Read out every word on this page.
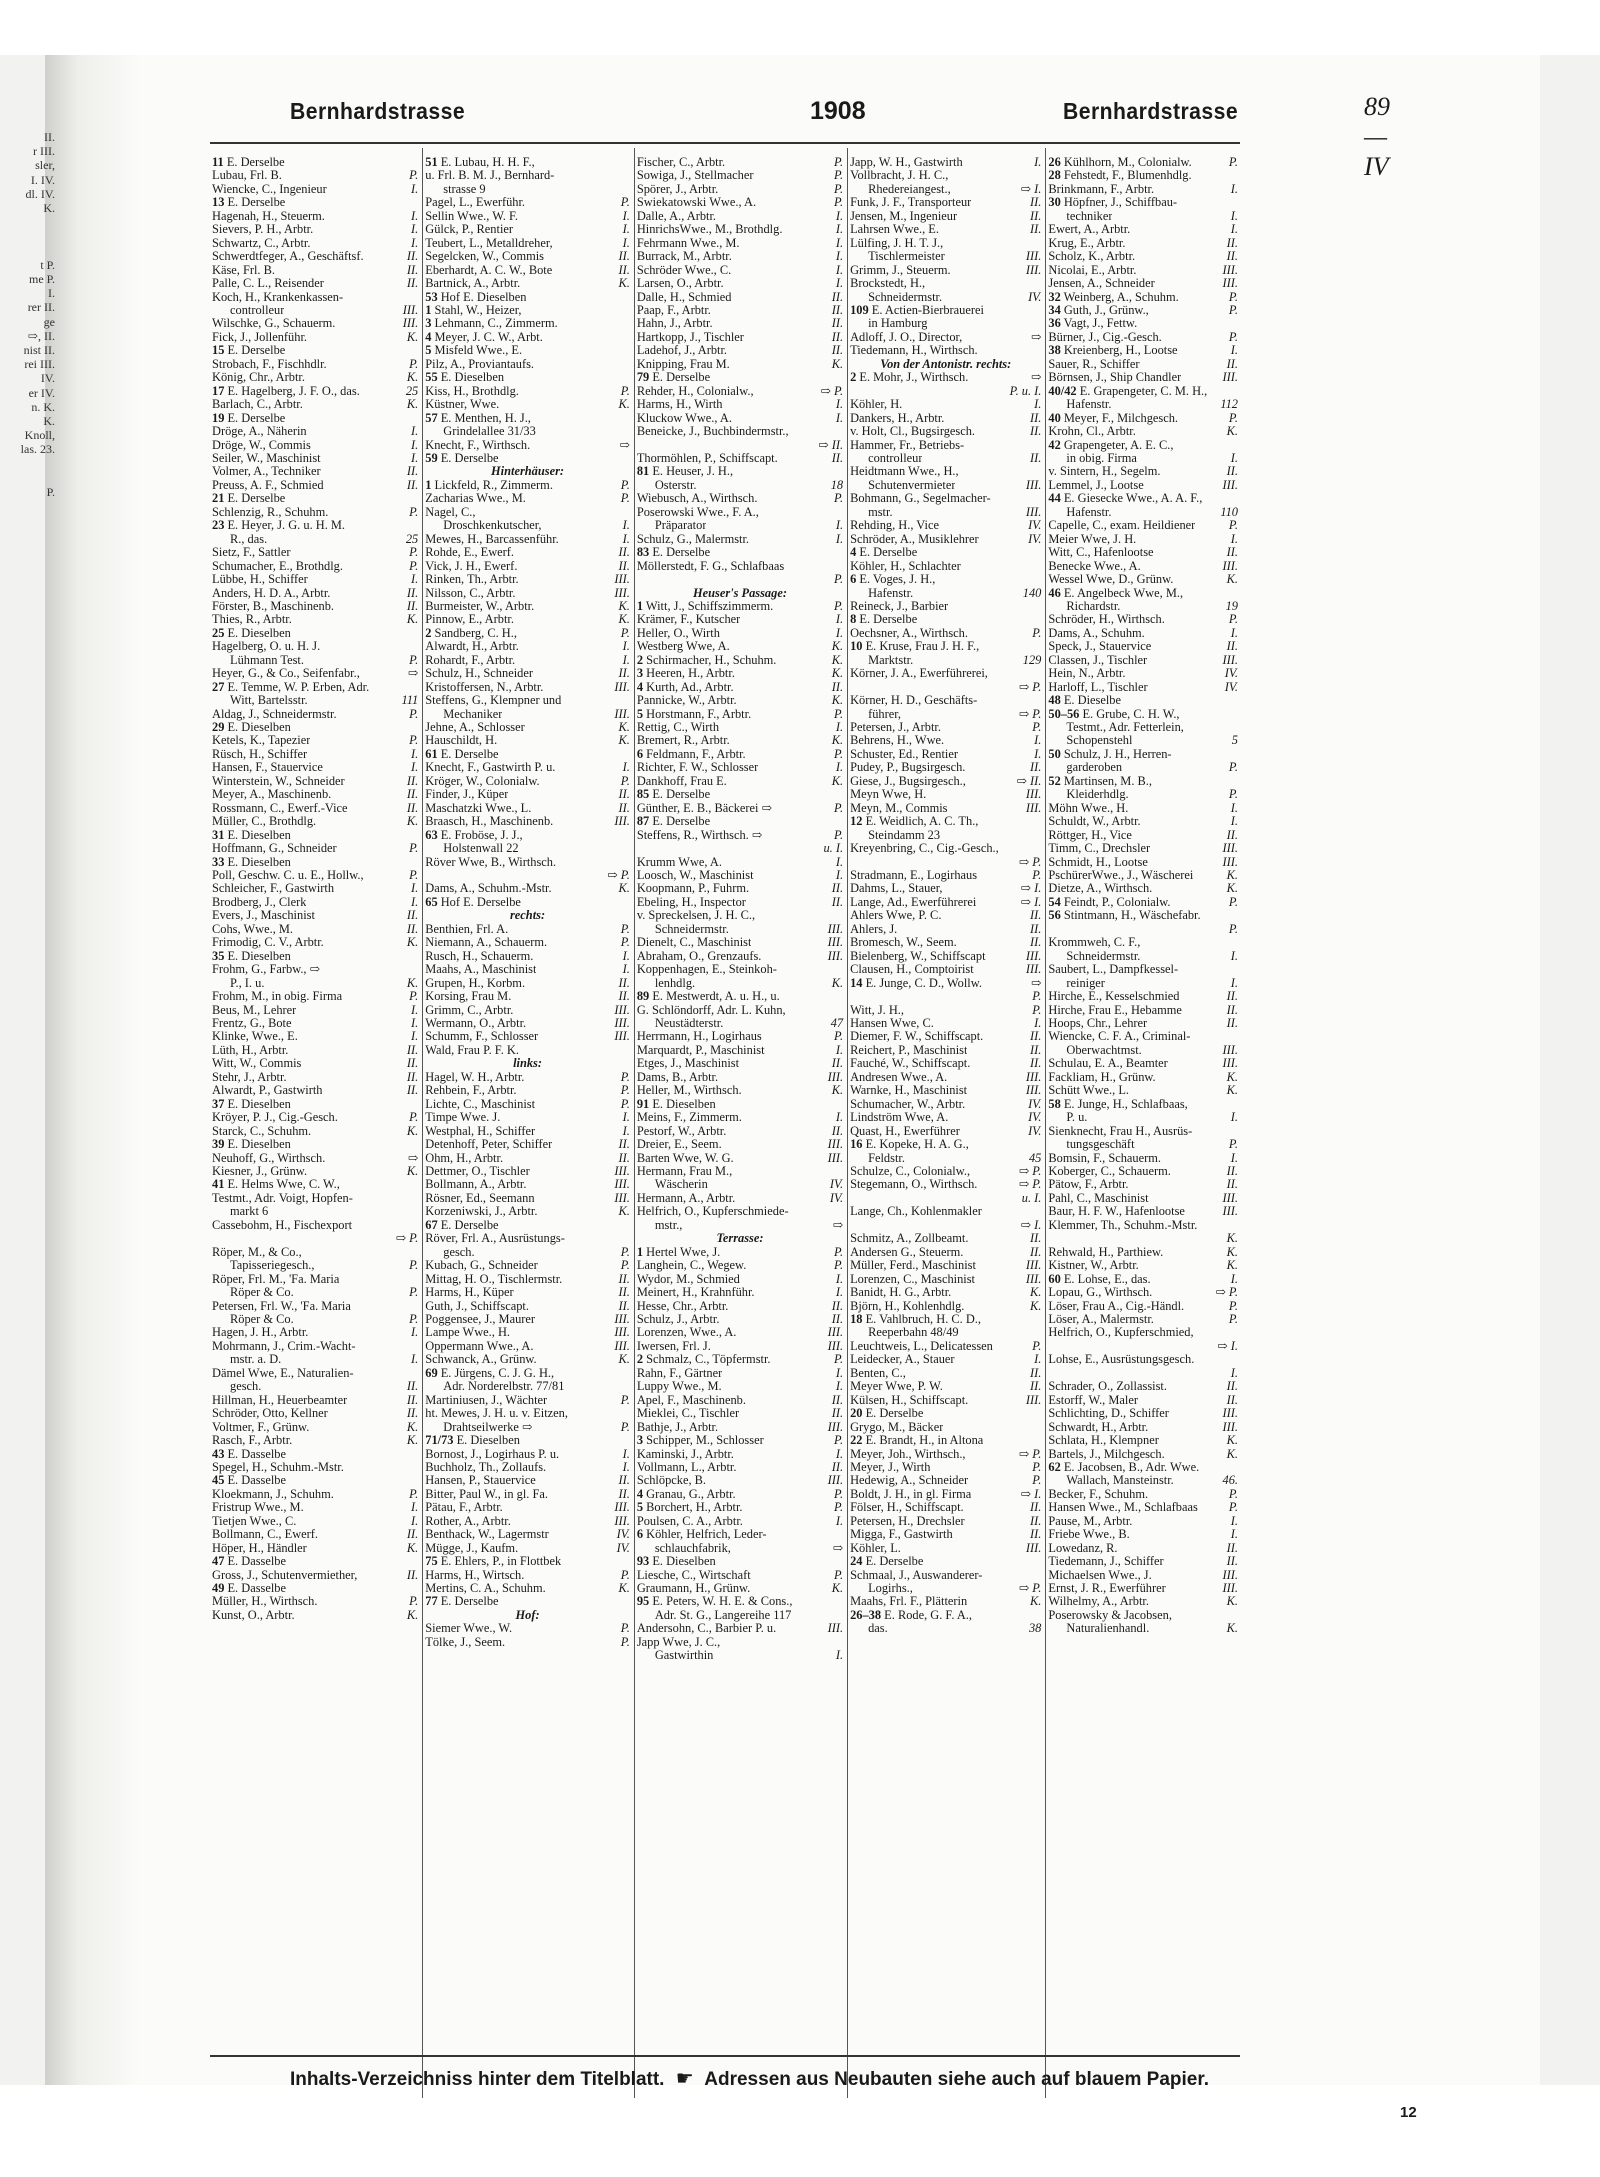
II.
r III.
sler,
I. IV.
dl. IV.
K.

t P.
me P.
I.
rer II.
ge
⇨, II.
nist II.
rei III.
IV.
er IV.
n. K.
K.
Knoll,
las. 23.

P.
Bernhardstrasse	1908	Bernhardstrasse	89—IV
11 E. Derselbe
Lubau, Frl. B.	P.
Wiencke, C., Ingenieur	I.
13 E. Derselbe
Hagenah, H., Steuerm.	I.
Sievers, P. H., Arbtr.	I.
Schwartz, C., Arbtr.	I.
Schwerdtfeger, A., Geschäftsf.	II.
Käse, Frl. B.	II.
Palle, C. L., Reisender	II.
Koch, H., Krankenkassen-
controlleur	III.
Wilschke, G., Schauerm.	III.
Fick, J., Jollenführ.	K.
15 E. Derselbe
Strobach, F., Fischhdlr.	P.
König, Chr., Arbtr.	K.
17 E. Hagelberg, J. F. O., das.	25
Barlach, C., Arbtr.	K.
19 E. Derselbe
Dröge, A., Näherin	I.
Dröge, W., Commis	I.
Seiler, W., Maschinist	I.
Volmer, A., Techniker	II.
Preuss, A. F., Schmied	II.
21 E. Derselbe
Schlenzig, R., Schuhm.	P.
23 E. Heyer, J. G. u. H. M.
R., das.	25
Sietz, F., Sattler	P.
Schumacher, E., Brothdlg.	P.
Lübbe, H., Schiffer	I.
Anders, H. D. A., Arbtr.	II.
Förster, B., Maschinenb.	II.
Thies, R., Arbtr.	K.
25 E. Dieselben
Hagelberg, O. u. H. J.
Lühmann Test.	P.
Heyer, G., & Co., Seifenfabr.,	⇨
27 E. Temme, W. P. Erben, Adr.
Witt, Bartelsstr.	111
Aldag, J., Schneidermstr.	P.
29 E. Dieselben
Ketels, K., Tapezier	P.
Rüsch, H., Schiffer	I.
Hansen, F., Stauervice	I.
Winterstein, W., Schneider	II.
Meyer, A., Maschinenb.	II.
Rossmann, C., Ewerf.-Vice	II.
Müller, C., Brothdlg.	K.
31 E. Dieselben
Hoffmann, G., Schneider	P.
33 E. Dieselben
Poll, Geschw. C. u. E., Hollw.,	P.
Schleicher, F., Gastwirth	I.
Brodberg, J., Clerk	I.
Evers, J., Maschinist	II.
Cohs, Wwe., M.	II.
Frimodig, C. V., Arbtr.	K.
35 E. Dieselben
Frohm, G., Farbw., ⇨
P., I. u.	K.
Frohm, M., in obig. Firma	P.
Beus, M., Lehrer	I.
Frentz, G., Bote	I.
Klinke, Wwe., E.	I.
Lüth, H., Arbtr.	II.
Witt, W., Commis	II.
Stehr, J., Arbtr.	II.
Alwardt, P., Gastwirth	II.
37 E. Dieselben
Kröyer, P. J., Cig.-Gesch.	P.
Starck, C., Schuhm.	K.
39 E. Dieselben
Neuhoff, G., Wirthsch.	⇨
Kiesner, J., Grünw.	K.
41 E. Helms Wwe, C. W.,
Testmt., Adr. Voigt, Hopfen-
markt 6
Cassebohm, H., Fischexport

⇨ P.
Röper, M., & Co.,
Tapisseriegesch.,	P.
Röper, Frl. M., 'Fa. Maria
Röper & Co.	P.
Petersen, Frl. W., 'Fa. Maria
Röper & Co.	P.
Hagen, J. H., Arbtr.	I.
Mohrmann, J., Crim.-Wacht-
mstr. a. D.	I.
Dämel Wwe, E., Naturalien-
gesch.	II.
Hillman, H., Heuerbeamter	II.
Schröder, Otto, Kellner	II.
Voltmer, F., Grünw.	K.
Rasch, F., Arbtr.	K.
43 E. Dasselbe
Spegel, H., Schuhm.-Mstr.
45 E. Dasselbe
Kloekmann, J., Schuhm.	P.
Fristrup Wwe., M.	I.
Tietjen Wwe., C.	I.
Bollmann, C., Ewerf.	II.
Höper, H., Händler	K.
47 E. Dasselbe
Gross, J., Schutenvermiether,	II.
49 E. Dasselbe
Müller, H., Wirthsch.	P.
Kunst, O., Arbtr.	K.
51 E. Lubau, H. H. F.,
u. Frl. B. M. J., Bernhard-
strasse 9
Pagel, L., Ewerführ.	P.
Sellin Wwe., W. F.	I.
Gülck, P., Rentier	I.
Teubert, L., Metalldreher,	I.
Segelcken, W., Commis	II.
Eberhardt, A. C. W., Bote	II.
Bartnick, A., Arbtr.	K.
53 Hof E. Dieselben
1 Stahl, W., Heizer,
3 Lehmann, C., Zimmerm.
4 Meyer, J. C. W., Arbt.
5 Misfeld Wwe., E.
Pilz, A., Proviantaufs.
55 E. Dieselben
Kiss, H., Brothdlg.	P.
Küstner, Wwe.	K.
57 E. Menthen, H. J.,
Grindelallee 31/33
Knecht, F., Wirthsch.	⇨
59 E. Derselbe
Hinterhäuser:
1 Lickfeld, R., Zimmerm.	P.
Zacharias Wwe., M.	P.
Nagel, C.,
Droschkenkutscher,	I.
Mewes, H., Barcassenführ.	I.
Rohde, E., Ewerf.	II.
Vick, J. H., Ewerf.	II.
Rinken, Th., Arbtr.	III.
Nilsson, C., Arbtr.	III.
Burmeister, W., Arbtr.	K.
Pinnow, E., Arbtr.	K.
2 Sandberg, C. H.,	P.
Alwardt, H., Arbtr.	I.
Rohardt, F., Arbtr.	I.
Schulz, H., Schneider	II.
Kristoffersen, N., Arbtr.	III.
Steffens, G., Klempner und
Mechaniker	III.
Jehne, A., Schlosser	K.
Hauschildt, H.	K.
61 E. Derselbe
Knecht, F., Gastwirth P. u.	I.
Kröger, W., Colonialw.	P.
Finder, J., Küper	II.
Maschatzki Wwe., L.	II.
Braasch, H., Maschinenb.	III.
63 E. Froböse, J. J.,
Holstenwall 22
Röver Wwe, B., Wirthsch.

⇨ P.
Dams, A., Schuhm.-Mstr.	K.
65 Hof E. Derselbe
rechts:
Benthien, Frl. A.	P.
Niemann, A., Schauerm.	P.
Rusch, H., Schauerm.	I.
Maahs, A., Maschinist	I.
Grupen, H., Korbm.	II.
Korsing, Frau M.	II.
Grimm, C., Arbtr.	III.
Wermann, O., Arbtr.	III.
Schumm, F., Schlosser	III.
Wald, Frau P. F. K.
links:
Hagel, W. H., Arbtr.	P.
Rehbein, F., Arbtr.	P.
Lichte, C., Maschinist	P.
Timpe Wwe. J.	I.
Westphal, H., Schiffer	I.
Detenhoff, Peter, Schiffer	II.
Ohm, H., Arbtr.	II.
Dettmer, O., Tischler	III.
Bollmann, A., Arbtr.	III.
Rösner, Ed., Seemann	III.
Korzeniwski, J., Arbtr.	K.
67 E. Derselbe
Röver, Frl. A., Ausrüstungs-
gesch.	P.
Kubach, G., Schneider	P.
Mittag, H. O., Tischlermstr.	II.
Harms, H., Küper	II.
Guth, J., Schiffscapt.	II.
Poggensee, J., Maurer	III.
Lampe Wwe., H.	III.
Oppermann Wwe., A.	III.
Schwanck, A., Grünw.	K.
69 E. Jürgens, C. J. G. H.,
Adr. Norderelbstr. 77/81
Martiniusen, J., Wächter	P.
ht. Mewes, J. H. u. v. Eitzen,
Drahtseilwerke ⇨	P.
71/73 E. Dieselben
Bornost, J., Logirhaus P. u.	I.
Buchholz, Th., Zollaufs.	I.
Hansen, P., Stauervice	II.
Bitter, Paul W., in gl. Fa.	II.
Pätau, F., Arbtr.	III.
Rother, A., Arbtr.	III.
Benthack, W., Lagermstr	IV.
Mügge, J., Kaufm.	IV.
75 E. Ehlers, P., in Flottbek
Harms, H., Wirtsch.	P.
Mertins, C. A., Schuhm.	K.
77 E. Derselbe
Hof:
Siemer Wwe., W.	P.
Tölke, J., Seem.	P.
Fischer, C., Arbtr.	P.
Sowiga, J., Stellmacher	P.
Spörer, J., Arbtr.	P.
Swiekatowski Wwe., A.	P.
Dalle, A., Arbtr.	I.
HinrichsWwe., M., Brothdlg.	I.
Fehrmann Wwe., M.	I.
Burrack, M., Arbtr.	I.
Schröder Wwe., C.	I.
Larsen, O., Arbtr.	I.
Dalle, H., Schmied	II.
Paap, F., Arbtr.	II.
Hahn, J., Arbtr.	II.
Hartkopp, J., Tischler	II.
Ladehof, J., Arbtr.	II.
Knipping, Frau M.	K.
79 E. Derselbe
Rehder, H., Colonialw.,	⇨ P.
Harms, H., Wirth	I.
Kluckow Wwe., A.	I.
Beneicke, J., Buchbindermstr.,

⇨ II.
Thormöhlen, P., Schiffscapt.	II.
81 E. Heuser, J. H.,
Osterstr.	18
Wiebusch, A., Wirthsch.	P.
Poserowski Wwe., F. A.,
Präparator	I.
Schulz, G., Malermstr.	I.
83 E. Derselbe
Möllerstedt, F. G., Schlafbaas

P.
Heuser's Passage:
1 Witt, J., Schiffszimmerm.	P.
Krämer, F., Kutscher	I.
Heller, O., Wirth	I.
Westberg Wwe, A.	K.
2 Schirmacher, H., Schuhm.	K.
3 Heeren, H., Arbtr.	K.
4 Kurth, Ad., Arbtr.	II.
Pannicke, W., Arbtr.	K.
5 Horstmann, F., Arbtr.	P.
Rettig, C., Wirth	I.
Bremert, R., Arbtr.	K.
6 Feldmann, F., Arbtr.	P.
Richter, F. W., Schlosser	I.
Dankhoff, Frau E.	K.
85 E. Derselbe
Günther, E. B., Bäckerei ⇨	P.
87 E. Derselbe
Steffens, R., Wirthsch. ⇨	P.

u. I.
Krumm Wwe, A.	I.
Loosch, W., Maschinist	I.
Koopmann, P., Fuhrm.	II.
Ebeling, H., Inspector	II.
v. Spreckelsen, J. H. C.,
Schneidermstr.	III.
Dienelt, C., Maschinist	III.
Abraham, O., Grenzaufs.	III.
Koppenhagen, E., Steinkoh-
lenhdlg.	K.
89 E. Mestwerdt, A. u. H., u.
G. Schlöndorff, Adr. L. Kuhn,
Neustädterstr.	47
Herrmann, H., Logirhaus	P.
Marquardt, P., Maschinist	I.
Etges, J., Maschinist	II.
Dams, B., Arbtr.	III.
Heller, M., Wirthsch.	K.
91 E. Dieselben
Meins, F., Zimmerm.	I.
Pestorf, W., Arbtr.	II.
Dreier, E., Seem.	III.
Barten Wwe, W. G.	III.
Hermann, Frau M.,
Wäscherin	IV.
Hermann, A., Arbtr.	IV.
Helfrich, O., Kupferschmiede-
mstr.,	⇨
Terrasse:
1 Hertel Wwe, J.	P.
Langhein, C., Wegew.	P.
Wydor, M., Schmied	I.
Meinert, H., Krahnführ.	I.
Hesse, Chr., Arbtr.	II.
Schulz, J., Arbtr.	II.
Lorenzen, Wwe., A.	III.
Iwersen, Frl. J.	III.
2 Schmalz, C., Töpfermstr.	P.
Rahn, F., Gärtner	I.
Luppy Wwe., M.	I.
Apel, F., Maschinenb.	II.
Mieklei, C., Tischler	II.
Bathje, J., Arbtr.	III.
3 Schipper, M., Schlosser	P.
Kaminski, J., Arbtr.	I.
Vollmann, L., Arbtr.	II.
Schlöpcke, B.	III.
4 Granau, G., Arbtr.	P.
5 Borchert, H., Arbtr.	P.
Poulsen, C. A., Arbtr.	I.
6 Köhler, Helfrich, Leder-
schlauchfabrik,	⇨
93 E. Dieselben
Liesche, C., Wirtschaft	P.
Graumann, H., Grünw.	K.
95 E. Peters, W. H. E. & Cons.,
Adr. St. G., Langereihe 117
Andersohn, C., Barbier P. u.	III.
Japp Wwe, J. C.,
Gastwirthin	I.
Japp, W. H., Gastwirth	I.
Vollbracht, J. H. C.,
Rhedereiangest.,	⇨ I.
Funk, J. F., Transporteur	II.
Jensen, M., Ingenieur	II.
Lahrsen Wwe., E.	II.
Lülfing, J. H. T. J.,
Tischlermeister	III.
Grimm, J., Steuerm.	III.
Brockstedt, H.,
Schneidermstr.	IV.
109 E. Actien-Bierbrauerei
in Hamburg
Adloff, J. O., Director,	⇨
Tiedemann, H., Wirthsch.
Von der Antonistr. rechts:
2 E. Mohr, J., Wirthsch.	⇨

P. u. I.
Köhler, H.	I.
Dankers, H., Arbtr.	II.
v. Holt, Cl., Bugsirgesch.	II.
Hammer, Fr., Betriebs-
controlleur	II.
Heidtmann Wwe., H.,
Schutenvermieter	III.
Bohmann, G., Segelmacher-
mstr.	III.
Rehding, H., Vice	IV.
Schröder, A., Musiklehrer	IV.
4 E. Derselbe
Köhler, H., Schlachter
6 E. Voges, J. H.,
Hafenstr.	140
Reineck, J., Barbier
8 E. Derselbe
Oechsner, A., Wirthsch.	P.
10 E. Kruse, Frau J. H. F.,
Marktstr.	129
Körner, J. A., Ewerführerei,

⇨ P.
Körner, H. D., Geschäfts-
führer,	⇨ P.
Petersen, J., Arbtr.	P.
Behrens, H., Wwe.	I.
Schuster, Ed., Rentier	I.
Pudey, P., Bugsirgesch.	II.
Giese, J., Bugsirgesch.,	⇨ II.
Meyn Wwe, H.	III.
Meyn, M., Commis	III.
12 E. Weidlich, A. C. Th.,
Steindamm 23
Kreyenbring, C., Cig.-Gesch.,

⇨ P.
Stradmann, E., Logirhaus	P.
Dahms, L., Stauer,	⇨ I.
Lange, Ad., Ewerführerei	⇨ I.
Ahlers Wwe, P. C.	II.
Ahlers, J.	II.
Bromesch, W., Seem.	II.
Bielenberg, W., Schiffscapt	III.
Clausen, H., Comptoirist	III.
14 E. Junge, C. D., Wollw.	⇨

P.
Witt, J. H.,	P.
Hansen Wwe, C.	I.
Diemer, F. W., Schiffscapt.	II.
Reichert, P., Maschinist	II.
Fauché, W., Schiffscapt.	II.
Andresen Wwe., A.	III.
Warnke, H., Maschinist	III.
Schumacher, W., Arbtr.	IV.
Lindström Wwe, A.	IV.
Quast, H., Ewerführer	IV.
16 E. Kopeke, H. A. G.,
Feldstr.	45
Schulze, C., Colonialw.,	⇨ P.
Stegemann, O., Wirthsch.	⇨ P.

u. I.
Lange, Ch., Kohlenmakler

⇨ I.
Schmitz, A., Zollbeamt.	II.
Andersen G., Steuerm.	II.
Müller, Ferd., Maschinist	III.
Lorenzen, C., Maschinist	III.
Banidt, H. G., Arbtr.	K.
Björn, H., Kohlenhdlg.	K.
18 E. Vahlbruch, H. C. D.,
Reeperbahn 48/49
Leuchtweis, L., Delicatessen	P.
Leidecker, A., Stauer	I.
Benten, C.,	II.
Meyer Wwe, P. W.	II.
Külsen, H., Schiffscapt.	III.
20 E. Derselbe
Grygo, M., Bäcker
22 E. Brandt, H., in Altona
Meyer, Joh., Wirthsch.,	⇨ P.
Meyer, J., Wirth	P.
Hedewig, A., Schneider	P.
Boldt, J. H., in gl. Firma	⇨ I.
Fölser, H., Schiffscapt.	II.
Petersen, H., Drechsler	II.
Migga, F., Gastwirth	II.
Köhler, L.	III.
24 E. Derselbe
Schmaal, J., Auswanderer-
Logirhs.,	⇨ P.
Maahs, Frl. F., Plätterin	K.
26–38 E. Rode, G. F. A.,
das.	38
26 Kühlhorn, M., Colonialw.	P.
28 Fehstedt, F., Blumenhdlg.
Brinkmann, F., Arbtr.	I.
30 Höpfner, J., Schiffbau-
techniker	I.
Ewert, A., Arbtr.	I.
Krug, E., Arbtr.	II.
Scholz, K., Arbtr.	II.
Nicolai, E., Arbtr.	III.
Jensen, A., Schneider	III.
32 Weinberg, A., Schuhm.	P.
34 Guth, J., Grünw.,	P.
36 Vagt, J., Fettw.
Bürner, J., Cig.-Gesch.	P.
38 Kreienberg, H., Lootse	I.
Sauer, R., Schiffer	II.
Börnsen, J., Ship Chandler	III.
40/42 E. Grapengeter, C. M. H.,
Hafenstr.	112
40 Meyer, F., Milchgesch.	P.
Krohn, Cl., Arbtr.	K.
42 Grapengeter, A. E. C.,
in obig. Firma	I.
v. Sintern, H., Segelm.	II.
Lemmel, J., Lootse	III.
44 E. Giesecke Wwe., A. A. F.,
Hafenstr.	110
Capelle, C., exam. Heildiener	P.
Meier Wwe, J. H.	I.
Witt, C., Hafenlootse	II.
Benecke Wwe., A.	III.
Wessel Wwe, D., Grünw.	K.
46 E. Angelbeck Wwe, M.,
Richardstr.	19
Schröder, H., Wirthsch.	P.
Dams, A., Schuhm.	I.
Speck, J., Stauervice	II.
Classen, J., Tischler	III.
Hein, N., Arbtr.	IV.
Harloff, L., Tischler	IV.
48 E. Dieselbe
50–56 E. Grube, C. H. W.,
Testmt., Adr. Fetterlein,
Schopenstehl	5
50 Schulz, J. H., Herren-
garderoben	P.
52 Martinsen, M. B.,
Kleiderhdlg.	P.
Möhn Wwe., H.	I.
Schuldt, W., Arbtr.	I.
Röttger, H., Vice	II.
Timm, C., Drechsler	III.
Schmidt, H., Lootse	III.
PschürerWwe., J., Wäscherei	K.
Dietze, A., Wirthsch.	K.
54 Feindt, P., Colonialw.	P.
56 Stintmann, H., Wäschefabr.

P.
Krommweh, C. F.,
Schneidermstr.	I.
Saubert, L., Dampfkessel-
reiniger	I.
Hirche, E., Kesselschmied	II.
Hirche, Frau E., Hebamme	II.
Hoops, Chr., Lehrer	II.
Wiencke, C. F. A., Criminal-
Oberwachtmst.	III.
Schulau, E. A., Beamter	III.
Fackliam, H., Grünw.	K.
Schütt Wwe., L.	K.
58 E. Junge, H., Schlafbaas,
P. u.	I.
Sienknecht, Frau H., Ausrüs-
tungsgeschäft	P.
Bomsin, F., Schauerm.	I.
Koberger, C., Schauerm.	II.
Pätow, F., Arbtr.	II.
Pahl, C., Maschinist	III.
Baur, H. F. W., Hafenlootse	III.
Klemmer, Th., Schuhm.-Mstr.

K.
Rehwald, H., Parthiew.	K.
Kistner, W., Arbtr.	K.
60 E. Lohse, E., das.	I.
Lopau, G., Wirthsch.	⇨ P.
Löser, Frau A., Cig.-Händl.	P.
Löser, A., Malermstr.	P.
Helfrich, O., Kupferschmied,

⇨ I.
Lohse, E., Ausrüstungsgesch.

I.
Schrader, O., Zollassist.	II.
Estorff, W., Maler	II.
Schlichting, D., Schiffer	III.
Schwardt, H., Arbtr.	III.
Schlata, H., Klempner	K.
Bartels, J., Milchgesch.	K.
62 E. Jacobsen, B., Adr. Wwe.
Wallach, Mansteinstr.	46.
Becker, F., Schuhm.	P.
Hansen Wwe., M., Schlafbaas	P.
Pause, M., Arbtr.	I.
Friebe Wwe., B.	I.
Lowedanz, R.	II.
Tiedemann, J., Schiffer	II.
Michaelsen Wwe., J.	III.
Ernst, J. R., Ewerführer	III.
Wilhelmy, A., Arbtr.	K.
Poserowsky & Jacobsen,
Naturalienhandl.	K.
Inhalts-Verzeichniss hinter dem Titelblatt. ☛ Adressen aus Neubauten siehe auch auf blauem Papier.
12
